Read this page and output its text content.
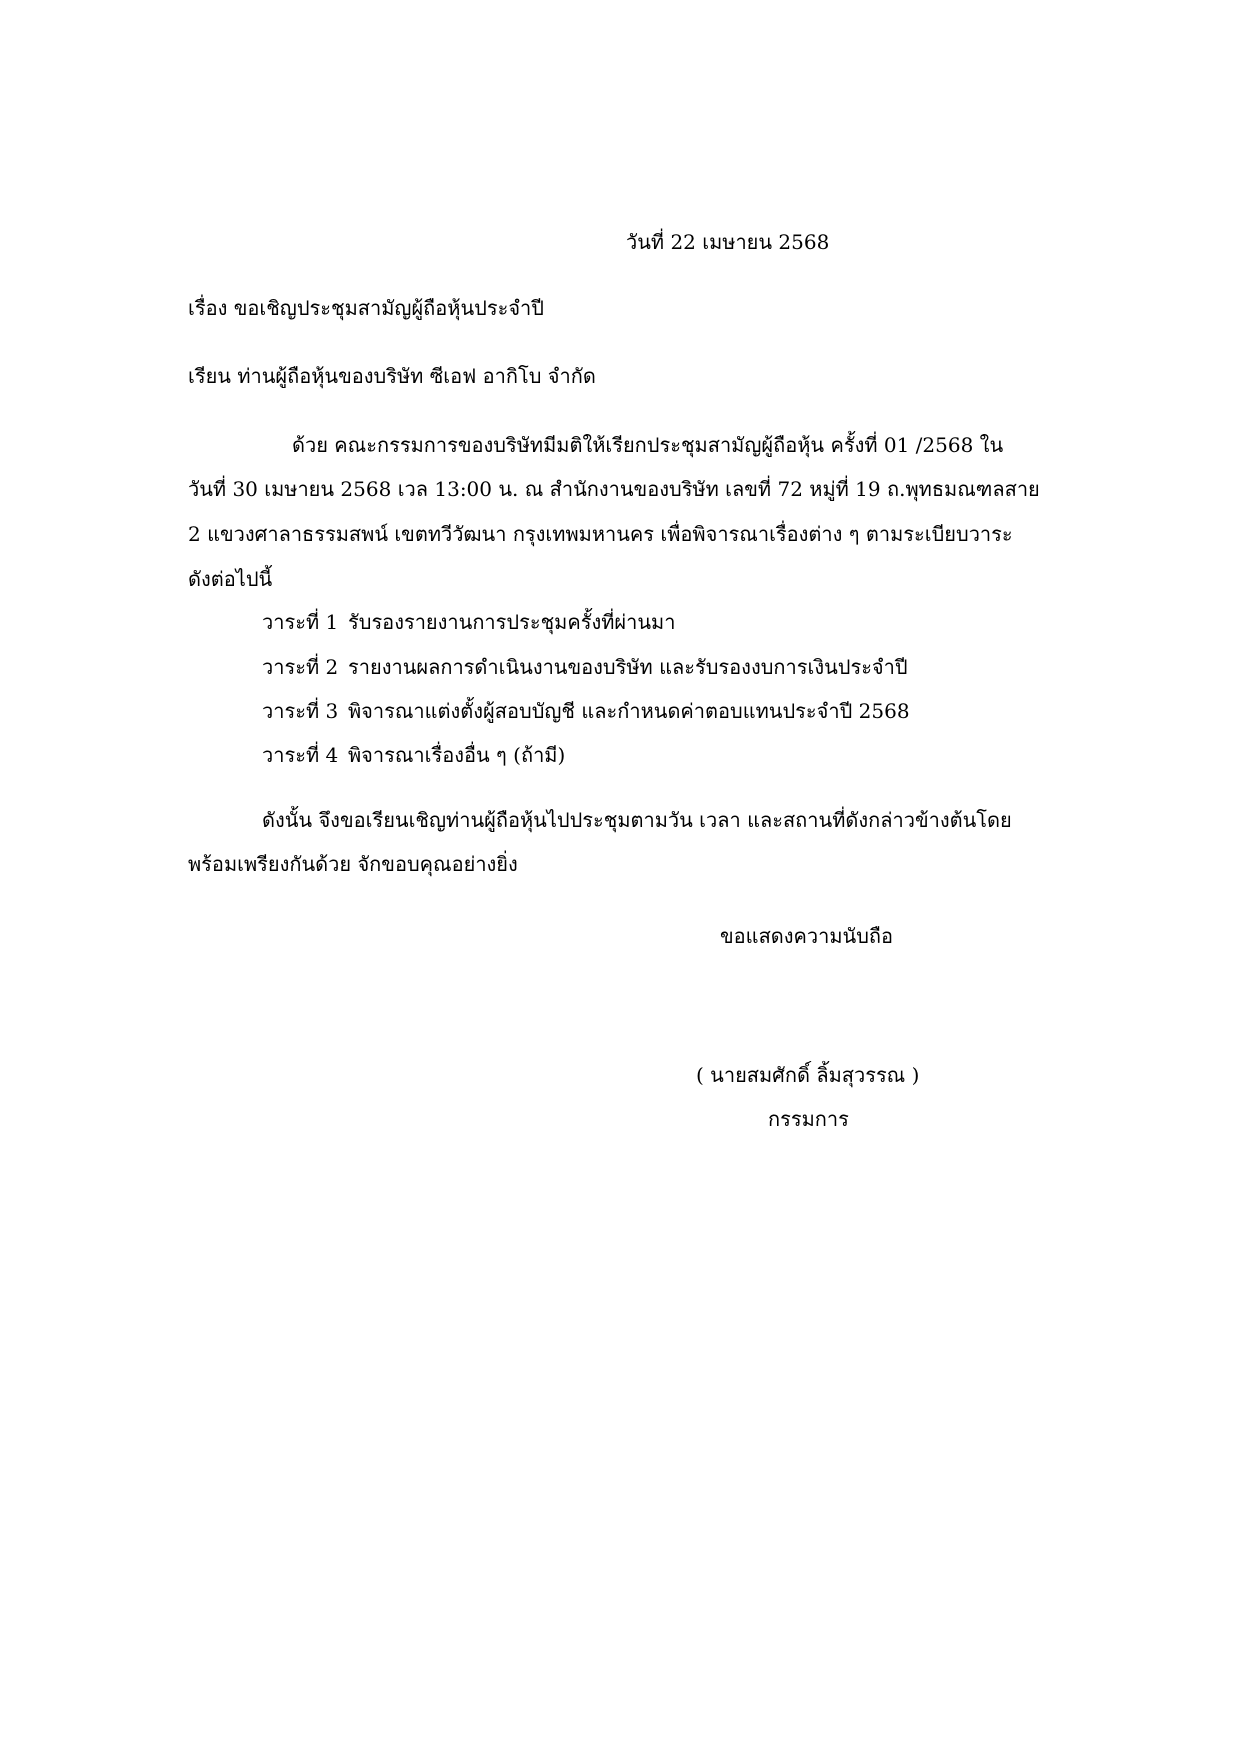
วันที่ 22 เมษายน 2568
เรื่อง ขอเชิญประชุมสามัญผู้ถือหุ้นประจำปี
เรียน ท่านผู้ถือหุ้นของบริษัท ซีเอฟ อากิโบ จำกัด
ด้วย คณะกรรมการของบริษัทมีมติให้เรียกประชุมสามัญผู้ถือหุ้น ครั้งที่ 01 /2568 ใน
วันที่ 30 เมษายน 2568 เวล 13:00 น. ณ สำนักงานของบริษัท เลขที่ 72 หมู่ที่ 19 ถ.พุทธมณฑลสาย
2 แขวงศาลาธรรมสพน์ เขตทวีวัฒนา กรุงเทพมหานคร เพื่อพิจารณาเรื่องต่าง ๆ ตามระเบียบวาระ
ดังต่อไปนี้
วาระที่ 1 รับรองรายงานการประชุมครั้งที่ผ่านมา
วาระที่ 2 รายงานผลการดำเนินงานของบริษัท และรับรองงบการเงินประจำปี
วาระที่ 3 พิจารณาแต่งตั้งผู้สอบบัญชี และกำหนดค่าตอบแทนประจำปี 2568
วาระที่ 4 พิจารณาเรื่องอื่น ๆ (ถ้ามี)
ดังนั้น จึงขอเรียนเชิญท่านผู้ถือหุ้นไปประชุมตามวัน เวลา และสถานที่ดังกล่าวข้างต้นโดย
พร้อมเพรียงกันด้วย จักขอบคุณอย่างยิ่ง
ขอแสดงความนับถือ
( นายสมศักดิ์ ลิ้มสุวรรณ )
กรรมการ
